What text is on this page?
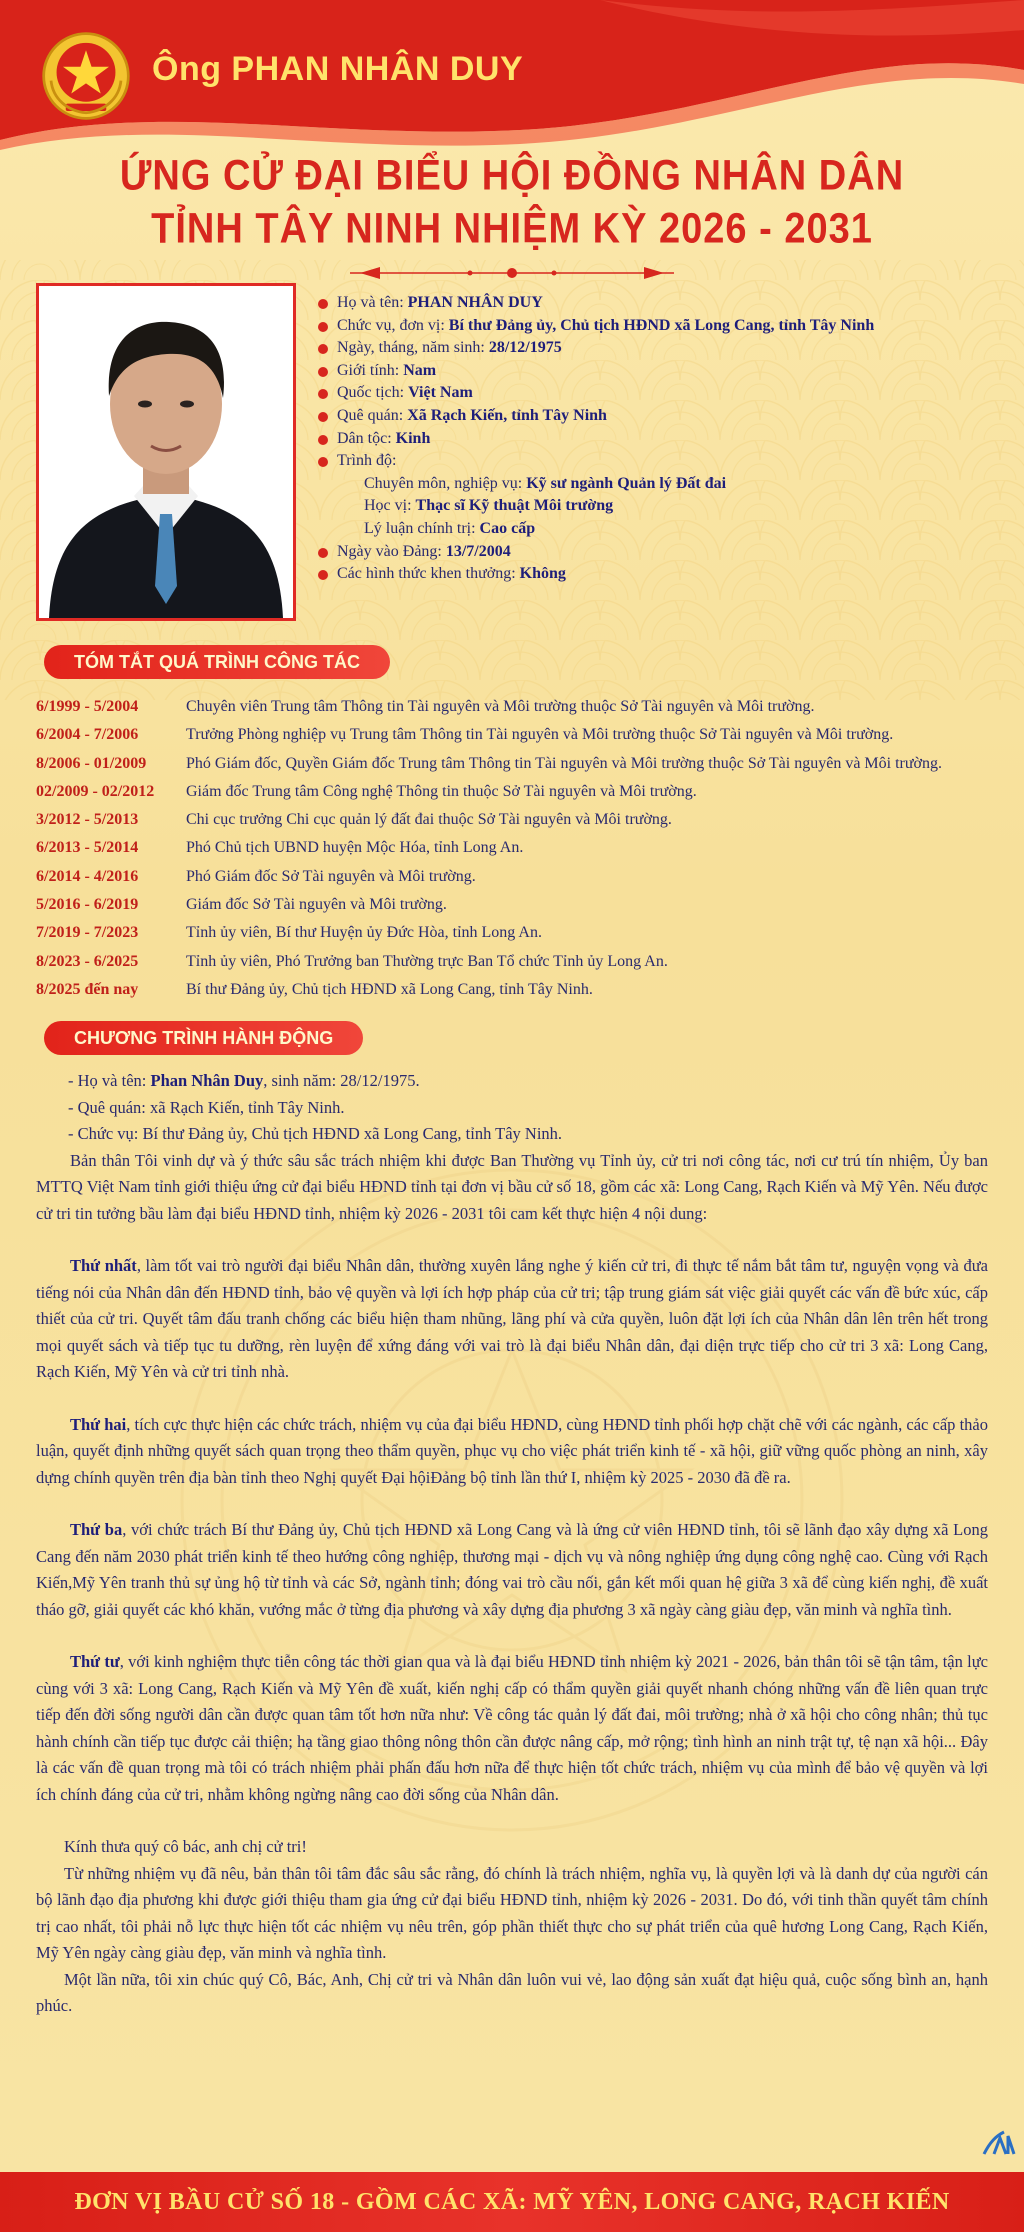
Ông PHAN NHÂN DUY
ỨNG CỬ ĐẠI BIỂU HỘI ĐỒNG NHÂN DÂN
TỈNH TÂY NINH NHIỆM KỲ 2026 - 2031
Họ và tên: PHAN NHÂN DUY
Chức vụ, đơn vị: Bí thư Đảng ủy, Chủ tịch HĐND xã Long Cang, tỉnh Tây Ninh
Ngày, tháng, năm sinh: 28/12/1975
Giới tính: Nam
Quốc tịch: Việt Nam
Quê quán: Xã Rạch Kiến, tỉnh Tây Ninh
Dân tộc: Kinh
Trình độ:
Chuyên môn, nghiệp vụ: Kỹ sư ngành Quản lý Đất đai
Học vị: Thạc sĩ Kỹ thuật Môi trường
Lý luận chính trị: Cao cấp
Ngày vào Đảng: 13/7/2004
Các hình thức khen thưởng: Không
TÓM TẮT QUÁ TRÌNH CÔNG TÁC
6/1999 - 5/2004	Chuyên viên Trung tâm Thông tin Tài nguyên và Môi trường thuộc Sở Tài nguyên và Môi trường.
6/2004 - 7/2006	Trưởng Phòng nghiệp vụ Trung tâm Thông tin Tài nguyên và Môi trường thuộc Sở Tài nguyên và Môi trường.
8/2006 - 01/2009 Phó Giám đốc, Quyền Giám đốc Trung tâm Thông tin Tài nguyên và Môi trường thuộc Sở Tài nguyên và Môi trường.
02/2009 - 02/2012 Giám đốc Trung tâm Công nghệ Thông tin thuộc Sở Tài nguyên và Môi trường.
3/2012 - 5/2013	Chi cục trưởng Chi cục quản lý đất đai thuộc Sở Tài nguyên và Môi trường.
6/2013 - 5/2014	Phó Chủ tịch UBND huyện Mộc Hóa, tỉnh Long An.
6/2014 - 4/2016	Phó Giám đốc Sở Tài nguyên và Môi trường.
5/2016 - 6/2019	Giám đốc Sở Tài nguyên và Môi trường.
7/2019 - 7/2023	Tỉnh ủy viên, Bí thư Huyện ủy Đức Hòa, tỉnh Long An.
8/2023 - 6/2025	Tỉnh ủy viên, Phó Trưởng ban Thường trực Ban Tổ chức Tỉnh ủy Long An.
8/2025 đến nay	Bí thư Đảng ủy, Chủ tịch HĐND xã Long Cang, tỉnh Tây Ninh.
CHƯƠNG TRÌNH HÀNH ĐỘNG

- Họ và tên: Phan Nhân Duy, sinh năm: 28/12/1975.

- Quê quán: xã Rạch Kiến, tỉnh Tây Ninh.

- Chức vụ: Bí thư Đảng ủy, Chủ tịch HĐND xã Long Cang, tỉnh Tây Ninh.

Bản thân Tôi vinh dự và ý thức sâu sắc trách nhiệm khi được Ban Thường vụ Tỉnh ủy, cử tri nơi công tác, nơi cư trú tín nhiệm, Ủy ban MTTQ Việt Nam tỉnh giới thiệu ứng cử đại biểu HĐND tỉnh tại đơn vị bầu cử số 18, gồm các xã: Long Cang, Rạch Kiến và Mỹ Yên. Nếu được cử tri tin tưởng bầu làm đại biểu HĐND tỉnh, nhiệm kỳ 2026 - 2031 tôi cam kết thực hiện 4 nội dung:

Thứ nhất, làm tốt vai trò người đại biểu Nhân dân, thường xuyên lắng nghe ý kiến cử tri, đi thực tế nắm bắt tâm tư, nguyện vọng và đưa tiếng nói của Nhân dân đến HĐND tỉnh, bảo vệ quyền và lợi ích hợp pháp của cử tri; tập trung giám sát việc giải quyết các vấn đề bức xúc, cấp thiết của cử tri. Quyết tâm đấu tranh chống các biểu hiện tham nhũng, lãng phí và cửa quyền, luôn đặt lợi ích của Nhân dân lên trên hết trong mọi quyết sách và tiếp tục tu dưỡng, rèn luyện để xứng đáng với vai trò là đại biểu Nhân dân, đại diện trực tiếp cho cử tri 3 xã: Long Cang, Rạch Kiến, Mỹ Yên và cử tri tỉnh nhà.

Thứ hai, tích cực thực hiện các chức trách, nhiệm vụ của đại biểu HĐND, cùng HĐND tỉnh phối hợp chặt chẽ với các ngành, các cấp thảo luận, quyết định những quyết sách quan trọng theo thẩm quyền, phục vụ cho việc phát triển kinh tế - xã hội, giữ vững quốc phòng an ninh, xây dựng chính quyền trên địa bàn tỉnh theo Nghị quyết Đại hộiĐảng bộ tỉnh lần thứ I, nhiệm kỳ 2025 - 2030 đã đề ra.

Thứ ba, với chức trách Bí thư Đảng ủy, Chủ tịch HĐND xã Long Cang và là ứng cử viên HĐND tỉnh, tôi sẽ lãnh đạo xây dựng xã Long Cang đến năm 2030 phát triển kinh tế theo hướng công nghiệp, thương mại - dịch vụ và nông nghiệp ứng dụng công nghệ cao. Cùng với Rạch Kiến,Mỹ Yên tranh thủ sự ủng hộ từ tỉnh và các Sở, ngành tỉnh; đóng vai trò cầu nối, gắn kết mối quan hệ giữa 3 xã để cùng kiến nghị, đề xuất tháo gỡ, giải quyết các khó khăn, vướng mắc ở từng địa phương và xây dựng địa phương 3 xã ngày càng giàu đẹp, văn minh và nghĩa tình.

Thứ tư, với kinh nghiệm thực tiễn công tác thời gian qua và là đại biểu HĐND tỉnh nhiệm kỳ 2021 - 2026, bản thân tôi sẽ tận tâm, tận lực cùng với 3 xã: Long Cang, Rạch Kiến và Mỹ Yên đề xuất, kiến nghị cấp có thẩm quyền giải quyết nhanh chóng những vấn đề liên quan trực tiếp đến đời sống người dân cần được quan tâm tốt hơn nữa như: Về công tác quản lý đất đai, môi trường; nhà ở xã hội cho công nhân; thủ tục hành chính cần tiếp tục được cải thiện; hạ tầng giao thông nông thôn cần được nâng cấp, mở rộng; tình hình an ninh trật tự, tệ nạn xã hội... Đây là các vấn đề quan trọng mà tôi có trách nhiệm phải phấn đấu hơn nữa để thực hiện tốt chức trách, nhiệm vụ của mình để bảo vệ quyền và lợi ích chính đáng của cử tri, nhằm không ngừng nâng cao đời sống của Nhân dân.

Kính thưa quý cô bác, anh chị cử tri!

Từ những nhiệm vụ đã nêu, bản thân tôi tâm đắc sâu sắc rằng, đó chính là trách nhiệm, nghĩa vụ, là quyền lợi và là danh dự của người cán bộ lãnh đạo địa phương khi được giới thiệu tham gia ứng cử đại biểu HĐND tỉnh, nhiệm kỳ 2026 - 2031. Do đó, với tinh thần quyết tâm chính trị cao nhất, tôi phải nỗ lực thực hiện tốt các nhiệm vụ nêu trên, góp phần thiết thực cho sự phát triển của quê hương Long Cang, Rạch Kiến, Mỹ Yên ngày càng giàu đẹp, văn minh và nghĩa tình.

Một lần nữa, tôi xin chúc quý Cô, Bác, Anh, Chị cử tri và Nhân dân luôn vui vẻ, lao động sản xuất đạt hiệu quả, cuộc sống bình an, hạnh phúc.

ĐƠN VỊ BẦU CỬ SỐ 18 - GỒM CÁC XÃ: MỸ YÊN, LONG CANG, RẠCH KIẾN
